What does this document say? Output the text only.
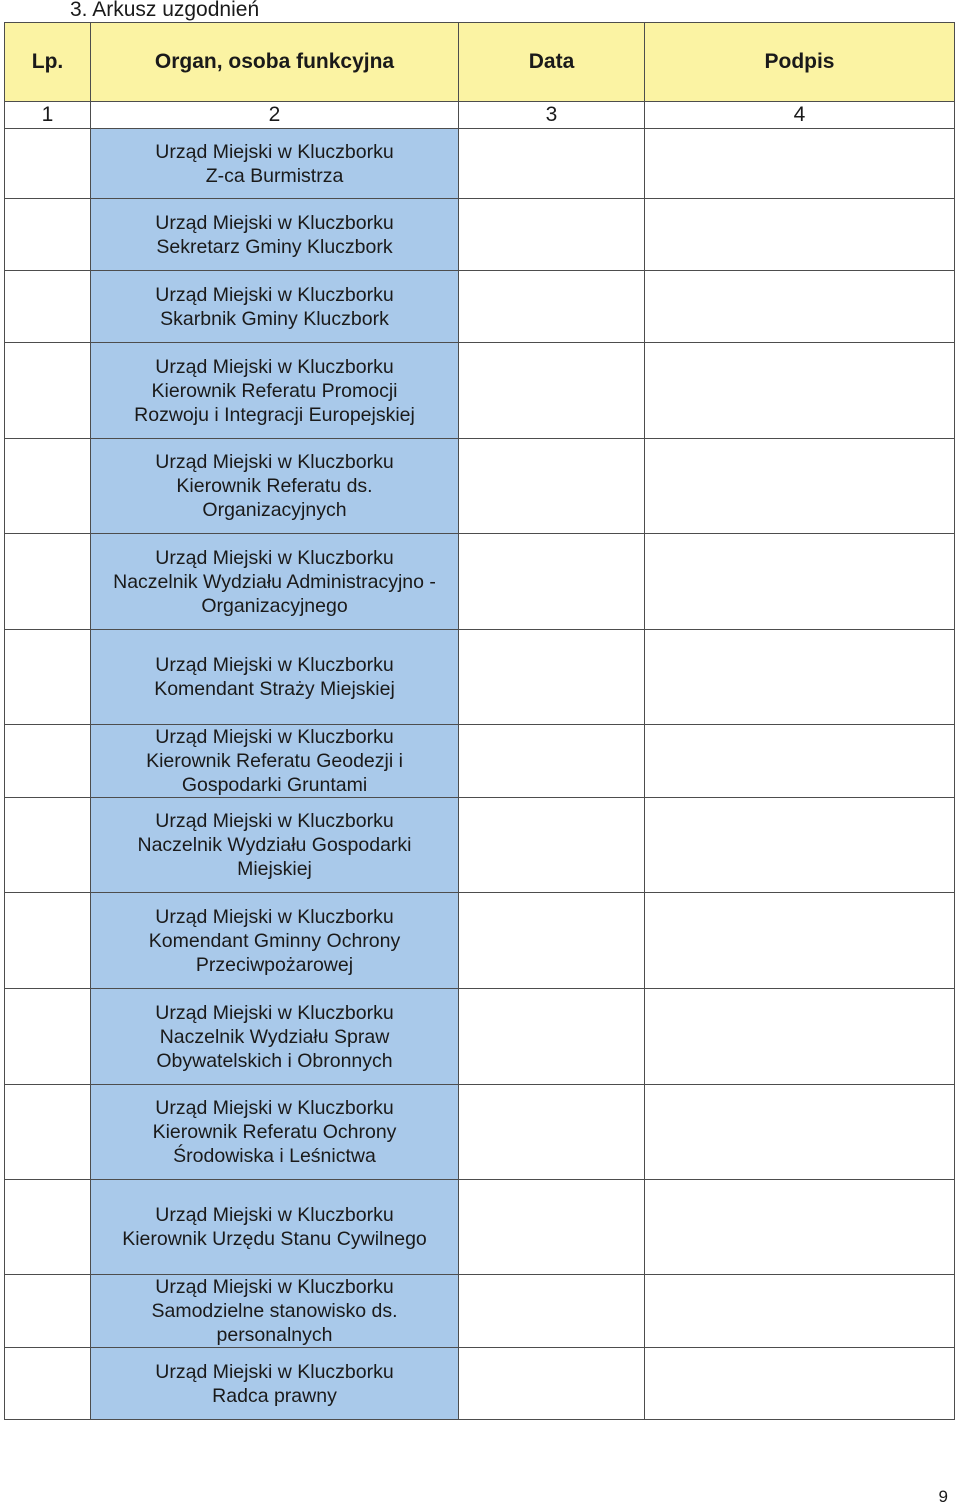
3. Arkusz uzgodnień
Lp.	Organ, osoba funkcyjna	Data	Podpis
1	2	3	4

	Urząd Miejski w Kluczborku
Z-ca Burmistrza		

	Urząd Miejski w Kluczborku
Sekretarz Gminy Kluczbork		

	Urząd Miejski w Kluczborku
Skarbnik Gminy Kluczbork		

	Urząd Miejski w Kluczborku
Kierownik Referatu Promocji
Rozwoju i Integracji Europejskiej		

	Urząd Miejski w Kluczborku
Kierownik Referatu ds.
Organizacyjnych		

	Urząd Miejski w Kluczborku
Naczelnik Wydziału Administracyjno -
Organizacyjnego		

	Urząd Miejski w Kluczborku
Komendant Straży Miejskiej		

	Urząd Miejski w Kluczborku
Kierownik Referatu Geodezji i
Gospodarki Gruntami		

	Urząd Miejski w Kluczborku
Naczelnik Wydziału Gospodarki
Miejskiej		

	Urząd Miejski w Kluczborku
Komendant Gminny Ochrony
Przeciwpożarowej		

	Urząd Miejski w Kluczborku
Naczelnik Wydziału Spraw
Obywatelskich i Obronnych		

	Urząd Miejski w Kluczborku
Kierownik Referatu Ochrony
Środowiska i Leśnictwa		

	Urząd Miejski w Kluczborku
Kierownik Urzędu Stanu Cywilnego		

	Urząd Miejski w Kluczborku
Samodzielne stanowisko ds.
personalnych		

	Urząd Miejski w Kluczborku
Radca prawny		

9
